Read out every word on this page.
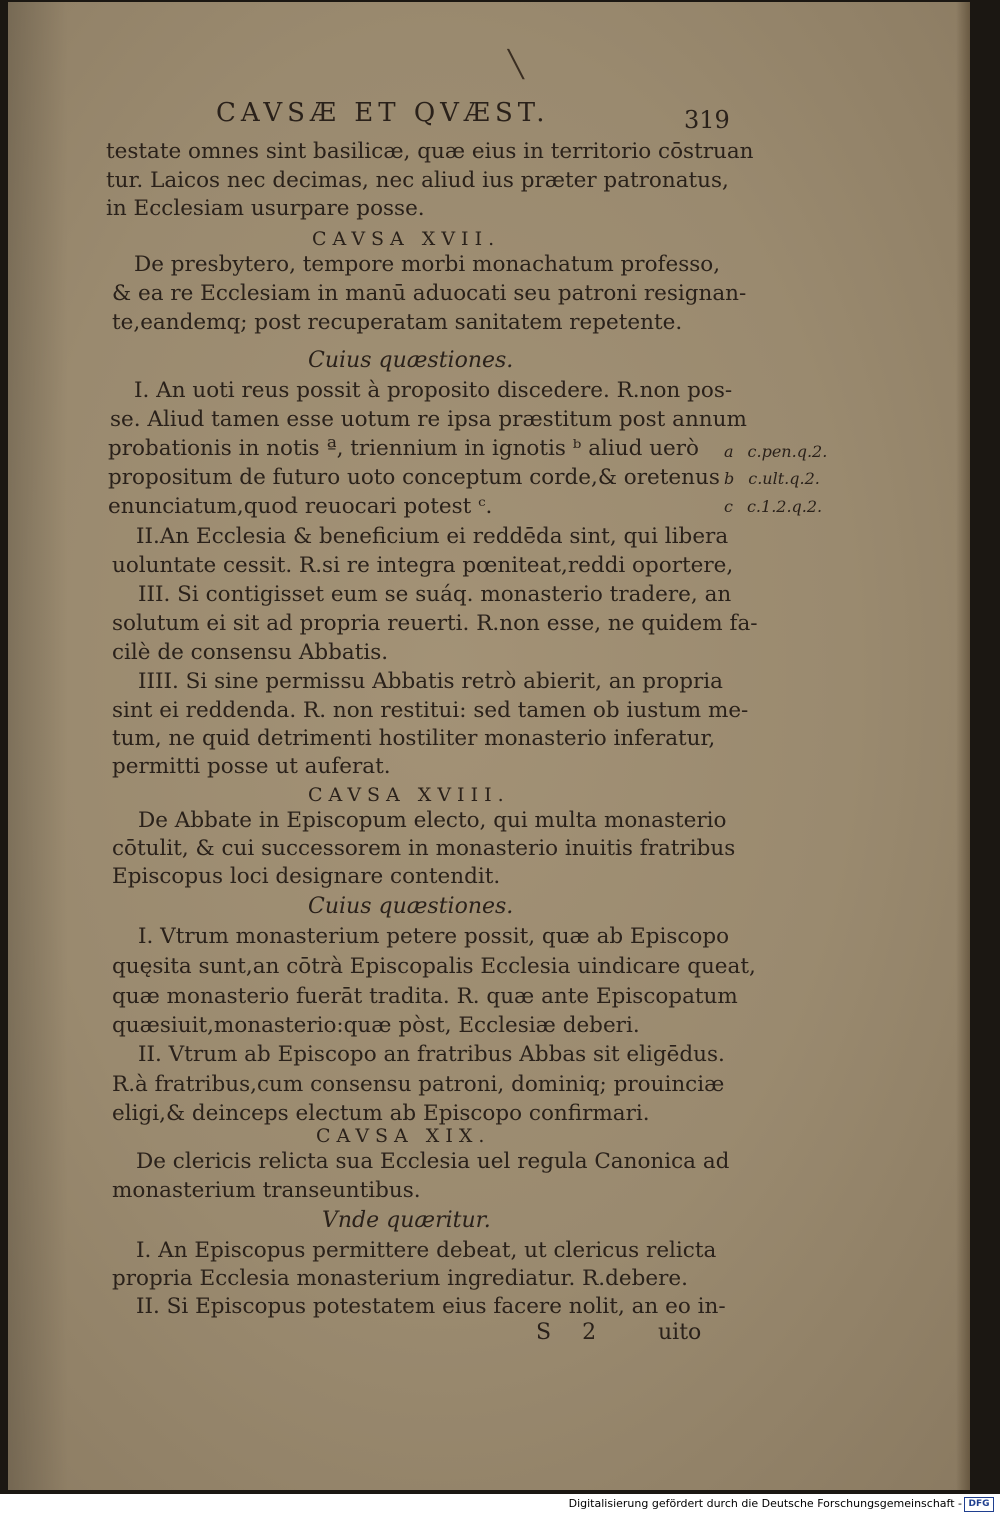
╲
CAVSÆ ET QVÆST.	319
testate omnes sint basilicæ, quæ eius in territorio cōstruan
tur. Laicos nec decimas, nec aliud ius præter patronatus,
in Ecclesiam usurpare posse.
CAVSA XVII.
De presbytero, tempore morbi monachatum professo,
& ea re Ecclesiam in manū aduocati seu patroni resignan-
te,eandemq; post recuperatam sanitatem repetente.
Cuius quæstiones.
I. An uoti reus possit à proposito discedere. R.non pos-
se. Aliud tamen esse uotum re ipsa præstitum post annum
probationis in notis ª, triennium in ignotis ᵇ aliud uerò
propositum de futuro uoto conceptum corde,& oretenus
enunciatum,quod reuocari potest ᶜ.
II.An Ecclesia & beneficium ei reddēda sint, qui libera
uoluntate cessit. R.si re integra pœniteat,reddi oportere,
III. Si contigisset eum se suáq. monasterio tradere, an
solutum ei sit ad propria reuerti. R.non esse, ne quidem fa-
cilè de consensu Abbatis.
IIII. Si sine permissu Abbatis retrò abierit, an propria
sint ei reddenda. R. non restitui: sed tamen ob iustum me-
tum, ne quid detrimenti hostiliter monasterio inferatur,
permitti posse ut auferat.
CAVSA XVIII.
De Abbate in Episcopum electo, qui multa monasterio
cōtulit, & cui successorem in monasterio inuitis fratribus
Episcopus loci designare contendit.
Cuius quæstiones.
I. Vtrum monasterium petere possit, quæ ab Episcopo
quęsita sunt,an cōtrà Episcopalis Ecclesia uindicare queat,
quæ monasterio fuerāt tradita. R. quæ ante Episcopatum
quæsiuit,monasterio:quæ pòst, Ecclesiæ deberi.
II. Vtrum ab Episcopo an fratribus Abbas sit eligēdus.
R.à fratribus,cum consensu patroni, dominiq; prouinciæ
eligi,& deinceps electum ab Episcopo confirmari.
CAVSA XIX.
De clericis relicta sua Ecclesia uel regula Canonica ad
monasterium transeuntibus.
Vnde quæritur.
I. An Episcopus permittere debeat, ut clericus relicta
propria Ecclesia monasterium ingrediatur. R.debere.
II. Si Episcopus potestatem eius facere nolit, an eo in-
S 2 uito
a c.pen.q.2.
b c.ult.q.2.
c c.1.2.q.2.
Digitalisierung gefördert durch die Deutsche Forschungsgemeinschaft - DFG
